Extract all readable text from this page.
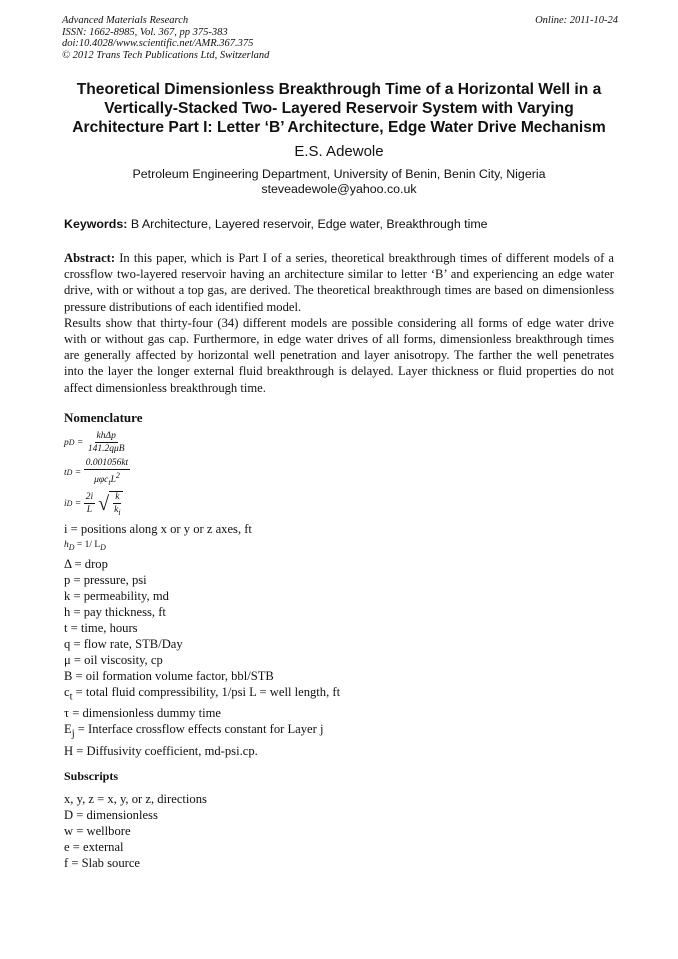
Advanced Materials Research
ISSN: 1662-8985, Vol. 367, pp 375-383
doi:10.4028/www.scientific.net/AMR.367.375
© 2012 Trans Tech Publications Ltd, Switzerland
Online: 2011-10-24
Theoretical Dimensionless Breakthrough Time of a Horizontal Well in a
Vertically-Stacked Two- Layered Reservoir System with Varying
Architecture Part I: Letter ‘B’ Architecture, Edge Water Drive Mechanism
E.S. Adewole
Petroleum Engineering Department, University of Benin, Benin City, Nigeria
steveadewole@yahoo.co.uk
Keywords: B Architecture, Layered reservoir, Edge water, Breakthrough time

Abstract: In this paper, which is Part I of a series, theoretical breakthrough times of different models of a crossflow two-layered reservoir having an architecture similar to letter ‘B’ and experiencing an edge water drive, with or without a top gas, are derived. The theoretical breakthrough times are based on dimensionless pressure distributions of each identified model.

Results show that thirty-four (34) different models are possible considering all forms of edge water drive with or without gas cap. Furthermore, in edge water drives of all forms, dimensionless breakthrough times are generally affected by horizontal well penetration and layer anisotropy. The farther the well penetrates into the layer the longer external fluid breakthrough is delayed. Layer thickness or fluid properties do not affect dimensionless breakthrough time.

Nomenclature
p $D = \frac{\text{khΔp}}{\text{141.2qμB}}$
t $D = \frac{0.001056kt}{\mu\varphi c_tL^2}$
i $D = \frac{2i}{L}$ √ $\frac{k}{k_i}$
i = positions along x or y or z axes, ft
$h_D = 1/$ $L_D$
Δ = drop
p = pressure, psi
k = permeability, md
h = pay thickness, ft
t = time, hours
q = flow rate, STB/Day
μ = oil viscosity, cp
B = oil formation volume factor, bbl/STB
$c_t$ = total fluid compressibility, 1/psi L = well length, ft
τ = dimensionless dummy time
$E_j$ = Interface crossflow effects constant for Layer j
H = Diffusivity coefficient, md-psi.cp.
Subscripts
x, y, z = x, y, or z, directions
D = dimensionless
w = wellbore
e = external
f = Slab source
